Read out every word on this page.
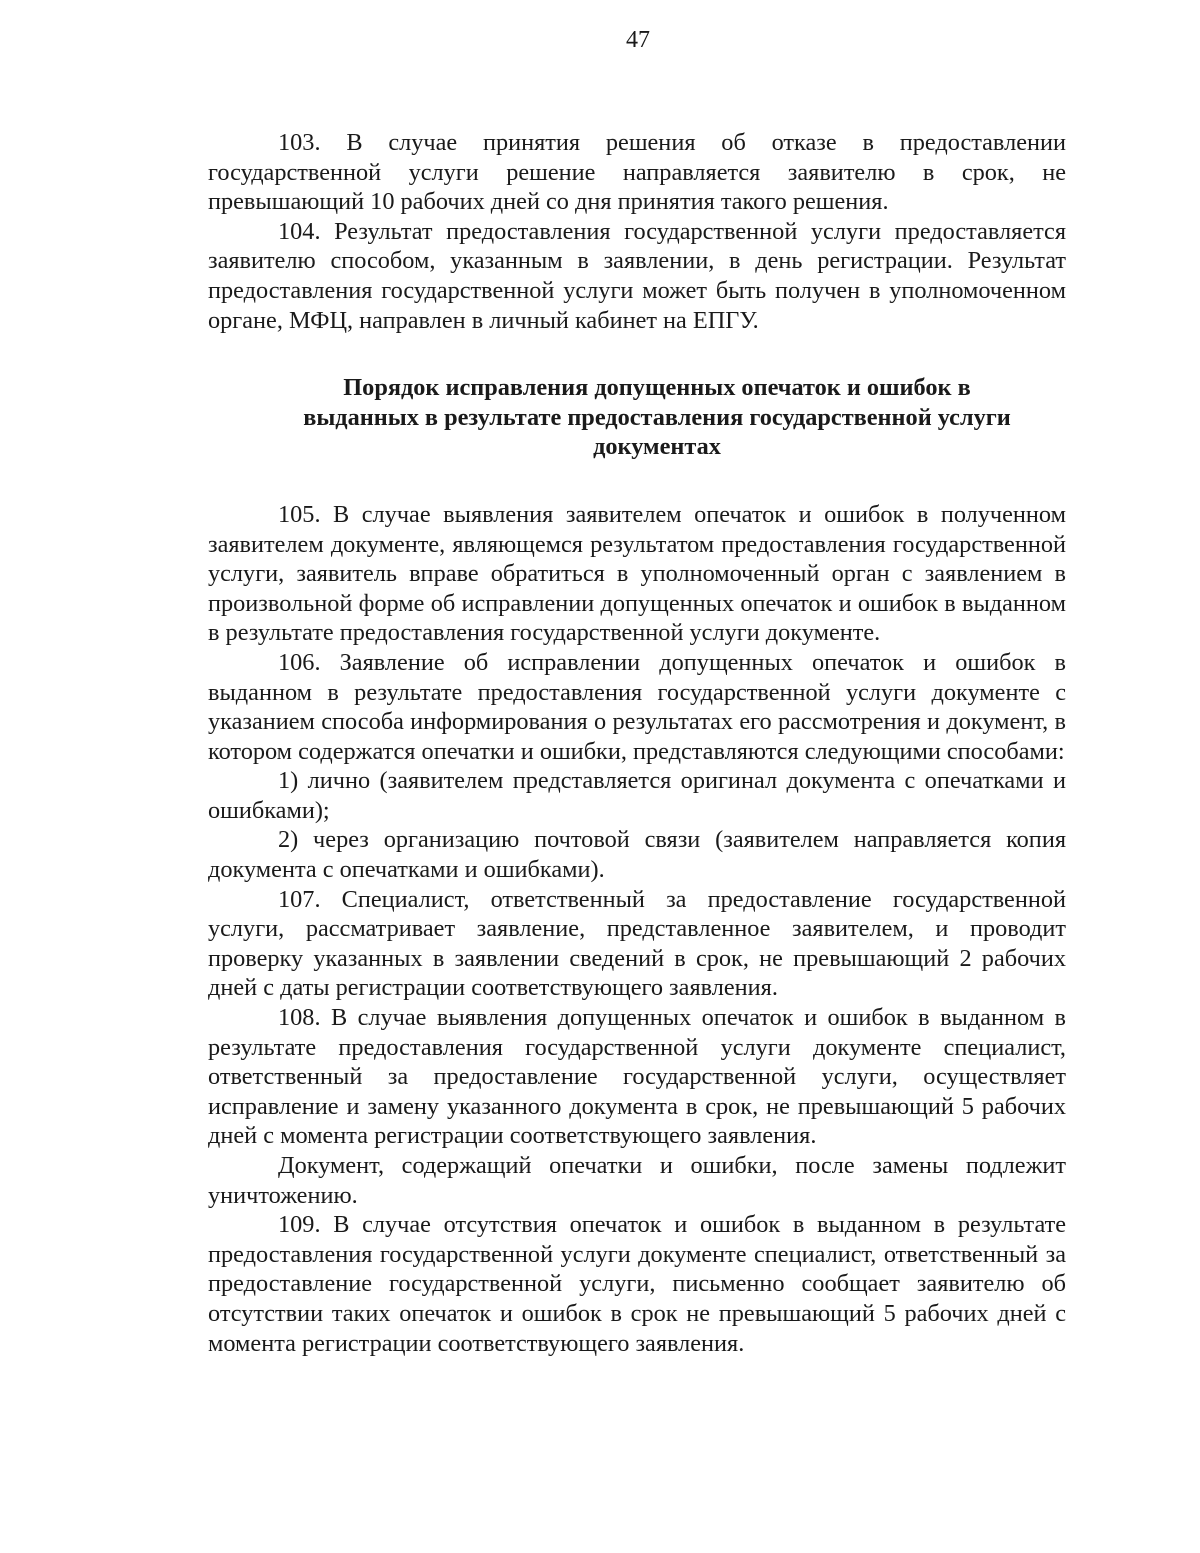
47

103. В случае принятия решения об отказе в предоставлении государственной услуги решение направляется заявителю в срок, не превышающий 10 рабочих дней со дня принятия такого решения.

104. Результат предоставления государственной услуги предоставляется заявителю способом, указанным в заявлении, в день регистрации. Результат предоставления государственной услуги может быть получен в уполномоченном органе, МФЦ, направлен в личный кабинет на ЕПГУ.

Порядок исправления допущенных опечаток и ошибок в
выданных в результате предоставления государственной услуги
документах

105. В случае выявления заявителем опечаток и ошибок в полученном заявителем документе, являющемся результатом предоставления государственной услуги, заявитель вправе обратиться в уполномоченный орган с заявлением в произвольной форме об исправлении допущенных опечаток и ошибок в выданном в результате предоставления государственной услуги документе.

106. Заявление об исправлении допущенных опечаток и ошибок в выданном в результате предоставления государственной услуги документе с указанием способа информирования о результатах его рассмотрения и документ, в котором содержатся опечатки и ошибки, представляются следующими способами:

1) лично (заявителем представляется оригинал документа с опечатками и ошибками);

2) через организацию почтовой связи (заявителем направляется копия документа с опечатками и ошибками).

107. Специалист, ответственный за предоставление государственной услуги, рассматривает заявление, представленное заявителем, и проводит проверку указанных в заявлении сведений в срок, не превышающий 2 рабочих дней с даты регистрации соответствующего заявления.

108. В случае выявления допущенных опечаток и ошибок в выданном в результате предоставления государственной услуги документе специалист, ответственный за предоставление государственной услуги, осуществляет исправление и замену указанного документа в срок, не превышающий 5 рабочих дней с момента регистрации соответствующего заявления.

Документ, содержащий опечатки и ошибки, после замены подлежит уничтожению.

109. В случае отсутствия опечаток и ошибок в выданном в результате предоставления государственной услуги документе специалист, ответственный за предоставление государственной услуги, письменно сообщает заявителю об отсутствии таких опечаток и ошибок в срок не превышающий 5 рабочих дней с момента регистрации соответствующего заявления.
